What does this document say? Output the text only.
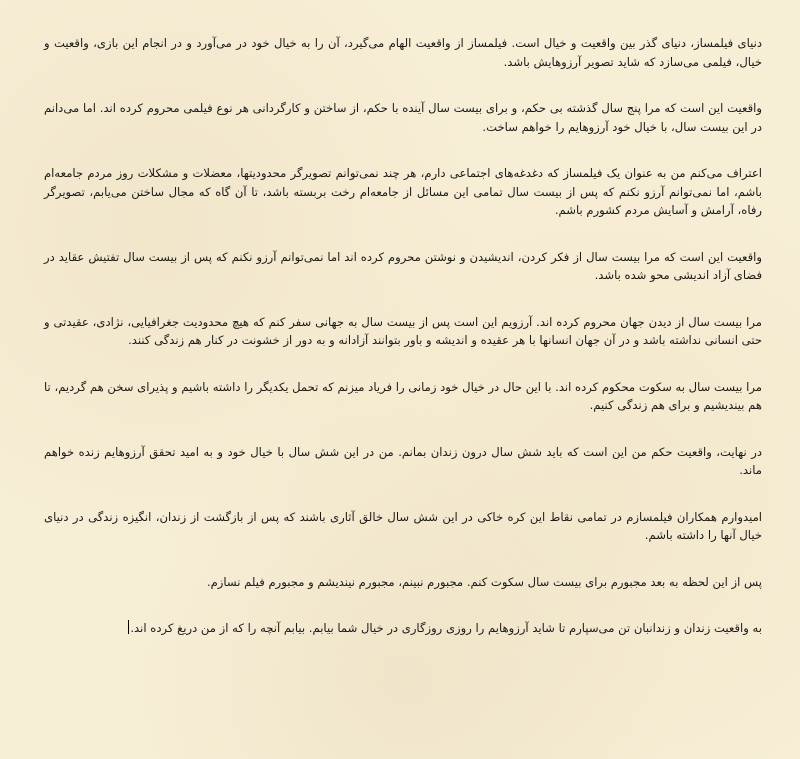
دنیای فیلمساز، دنیای گذر بین واقعیت و خیال است. فیلمساز از واقعیت الهام می‌گیرد، آن را به خیال خود در می‌آورد و در انجام این بازی، واقعیت و خیال، فیلمی می‌سازد که شاید تصویر آرزوهایش باشد.

واقعیت این است که مرا پنج سال گذشته بی حکم، و برای بیست سال آینده با حکم، از ساختن و کارگردانی هر نوع فیلمی محروم کرده اند. اما می‌دانم در این بیست سال، با خیال خود آرزوهایم را خواهم ساخت.

اعتراف می‌کنم من به عنوان یک فیلمساز که دغدغه‌های اجتماعی دارم، هر چند نمی‌توانم تصویرگر محدودیتها، معضلات و مشکلات روز مردم جامعه‌ام باشم، اما نمی‌توانم آرزو نکنم که پس از بیست سال تمامی این مسائل از جامعه‌ام رخت بربسته باشد، تا آن گاه که مجال ساختن می‌یابم، تصویرگر رفاه، آرامش و آسایش مردم کشورم باشم.

واقعیت این است که مرا بیست سال از فکر کردن، اندیشیدن و نوشتن محروم کرده اند اما نمی‌توانم آرزو نکنم که پس از بیست سال تفتیش عقاید در فضای آزاد اندیشی محو شده باشد.

مرا بیست سال از دیدن جهان محروم کرده اند. آرزویم این است پس از بیست سال به جهانی سفر کنم که هیچ محدودیت جغرافیایی، نژادی، عقیدتی و حتی انسانی نداشته باشد و در آن جهان انسانها با هر عقیده و اندیشه و باور بتوانند آزادانه و به دور از خشونت در کنار هم زندگی کنند.

مرا بیست سال به سکوت محکوم کرده اند. با این حال در خیال خود زمانی را فریاد میزنم که تحمل یکدیگر را داشته باشیم و پذیرای سخن هم گردیم، تا هم بیندیشیم و برای هم زندگی کنیم.

در نهایت، واقعیت حکم من این است که باید شش سال درون زندان بمانم. من در این شش سال با خیال خود و به امید تحقق آرزوهایم زنده خواهم ماند.

امیدوارم همکاران فیلمسازم در تمامی نقاط این کره خاکی در این شش سال خالق آثاری باشند که پس از بازگشت از زندان، انگیزه زندگی در دنیای خیال آنها را داشته باشم.

پس از این لحظه به بعد مجبورم برای بیست سال سکوت کنم. مجبورم نبینم، مجبورم نیندیشم و مجبورم فیلم نسازم.

به واقعیت زندان و زندانبان تن می‌سپارم تا شاید آرزوهایم را روزی روزگاری در خیال شما بیابم. بیابم آنچه را که از من دریغ کرده اند.
